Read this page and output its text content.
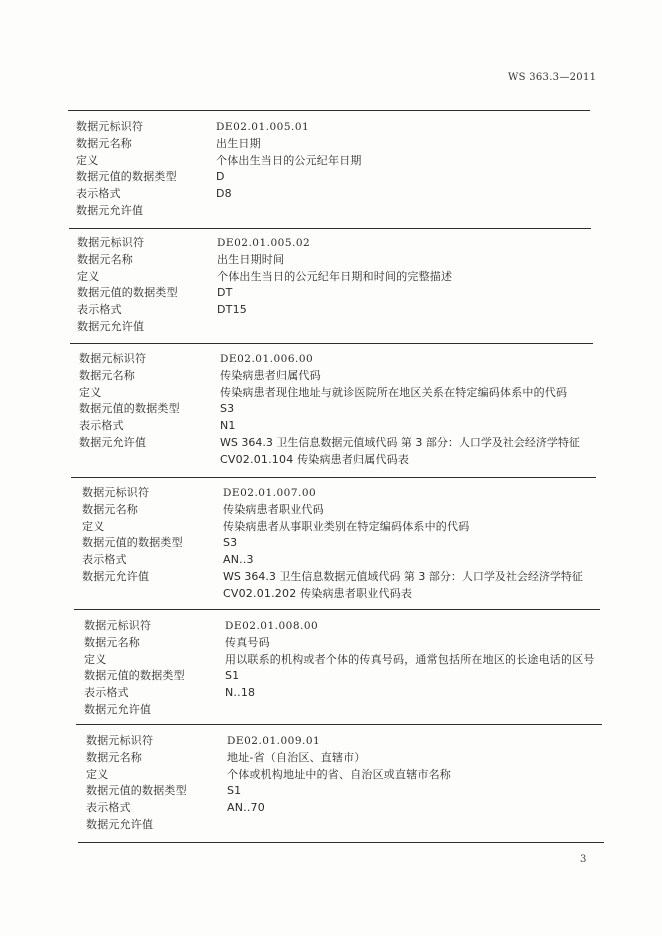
WS 363.3—2011
数据元标识符	DE02.01.005.01
数据元名称	出生日期
定义	个体出生当日的公元纪年日期
数据元值的数据类型	D
表示格式	D8
数据元允许值
数据元标识符	DE02.01.005.02
数据元名称	出生日期时间
定义	个体出生当日的公元纪年日期和时间的完整描述
数据元值的数据类型	DT
表示格式	DT15
数据元允许值
数据元标识符	DE02.01.006.00
数据元名称	传染病患者归属代码
定义	传染病患者现住地址与就诊医院所在地区关系在特定编码体系中的代码
数据元值的数据类型	S3
表示格式	N1
数据元允许值	WS 364.3 卫生信息数据元值域代码 第 3 部分：人口学及社会经济学特征
CV02.01.104 传染病患者归属代码表
数据元标识符	DE02.01.007.00
数据元名称	传染病患者职业代码
定义	传染病患者从事职业类别在特定编码体系中的代码
数据元值的数据类型	S3
表示格式	AN..3
数据元允许值	WS 364.3 卫生信息数据元值域代码 第 3 部分：人口学及社会经济学特征
CV02.01.202 传染病患者职业代码表
数据元标识符	DE02.01.008.00
数据元名称	传真号码
定义	用以联系的机构或者个体的传真号码，通常包括所在地区的长途电话的区号
数据元值的数据类型	S1
表示格式	N..18
数据元允许值
数据元标识符	DE02.01.009.01
数据元名称	地址-省（自治区、直辖市）
定义	个体或机构地址中的省、自治区或直辖市名称
数据元值的数据类型	S1
表示格式	AN..70
数据元允许值
3
